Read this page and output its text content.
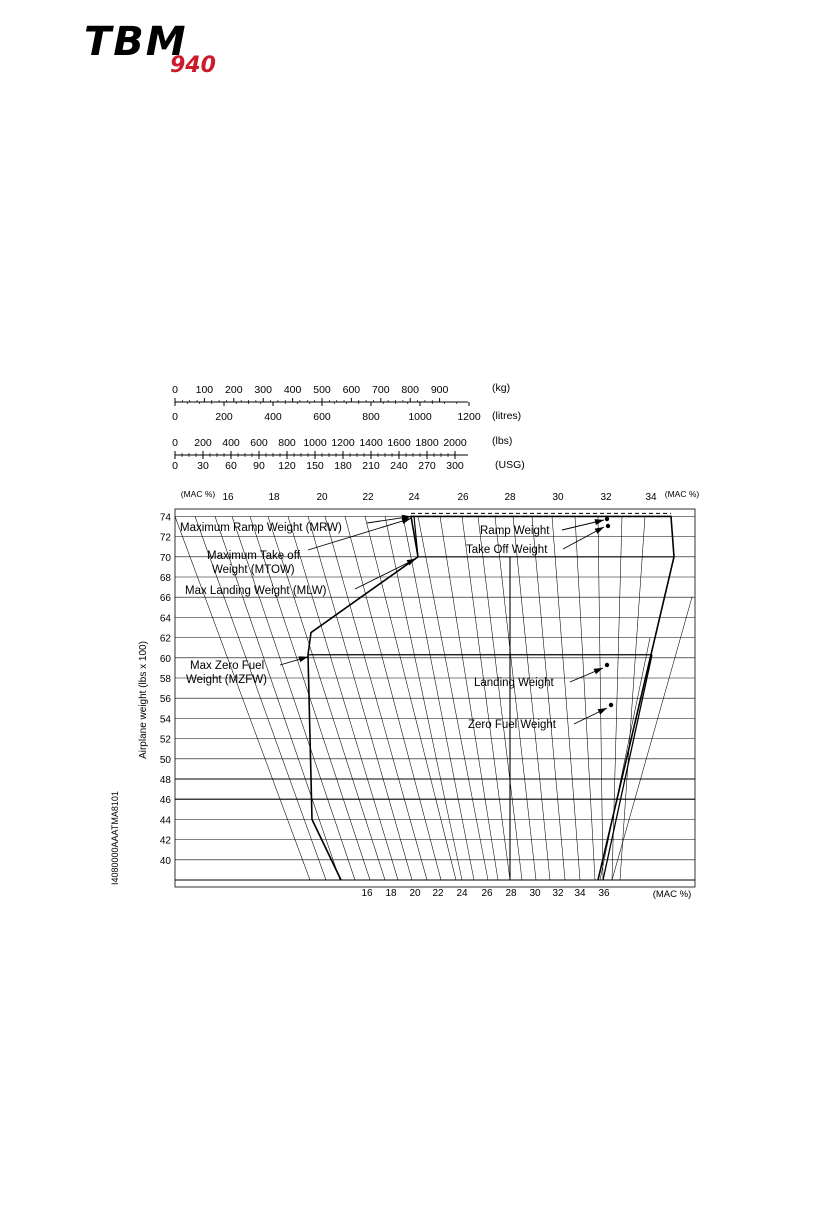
TBM
940
I4080000AAATMA8101
0 100 200 300 400 500 600 700 800 900	(kg)
0	200	400	600	800	1000 1200 (litres)
0 200 400 600 800 1000 1200 1400 1600 1800 2000 (lbs)
0 30 60 90 120 150 180 210 240 270 300	(USG)
40
42
44
46
48
50
52
54
56
58
60
62
64
66
68
70
72
74
Airplane weight (lbs x 100)
(MAC %) 16	18	20	22	24	26	28	30	32	34 (MAC %)
16 18 20 22 24 26 28 30 32 34 36	(MAC %)
Maximum Ramp Weight (MRW)
Maximum Take off
Weight (MTOW)
Max Landing Weight (MLW)
Max Zero Fuel
Weight (MZFW)
Ramp Weight
Take Off Weight
Landing Weight
Zero Fuel Weight
